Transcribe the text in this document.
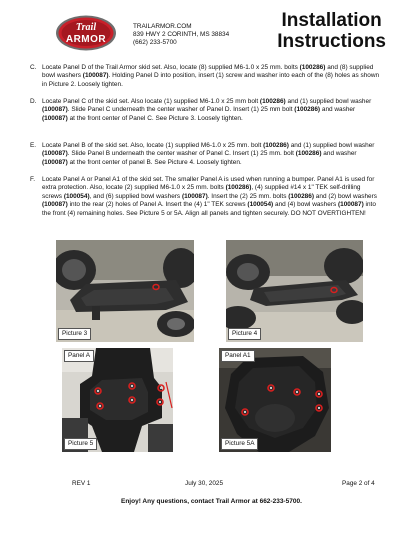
Trail
ARMOR
TRAILARMOR.COM
839 HWY 2 CORINTH, MS 38834
(662) 233-5700
Installation
Instructions
C. Locate Panel D of the Trail Armor skid set. Also, locate (8) supplied M6-1.0 x 25 mm. bolts (100286) and (8) supplied bowl washers (100087). Holding Panel D into position, insert (1) screw and washer into each of the (8) holes as shown in Picture 2. Loosely tighten.
D. Locate Panel C of the skid set. Also locate (1) supplied M6-1.0 x 25 mm bolt (100286) and (1) supplied bowl washer (100087). Slide Panel C underneath the center washer of Panel D. Insert (1) 25 mm bolt (100286) and washer (100087) at the front center of Panel C. See Picture 3. Loosely tighten.
E. Locate Panel B of the skid set. Also, locate (1) supplied M6-1.0 x 25 mm. bolt (100286) and (1) supplied bowl washer (100087). Slide Panel B underneath the center washer of Panel C. Insert (1) 25 mm. bolt (100286) and washer (100087) at the front center of panel B. See Picture 4. Loosely tighten.
F. Locate Panel A or Panel A1 of the skid set. The smaller Panel A is used when running a bumper. Panel A1 is used for extra protection. Also, locate (2) supplied M6-1.0 x 25 mm. bolts (100286), (4) supplied #14 x 1" TEK self-drilling screws (100054), and (6) supplied bowl washers (100087). Insert the (2) 25 mm. bolts (100286) and (2) bowl washers (100087) into the rear (2) holes of Panel A. Insert the (4) 1" TEK screws (100054) and (4) bowl washers (100087) into the front (4) remaining holes. See Picture 5 or 5A. Align all panels and tighten securely. DO NOT OVERTIGHTEN!
Picture 3	Picture 4
Panel A
Picture 5
Panel A1
Picture 5A
REV 1	July 30, 2025	Page 2 of 4
Enjoy! Any questions, contact Trail Armor at 662-233-5700.
